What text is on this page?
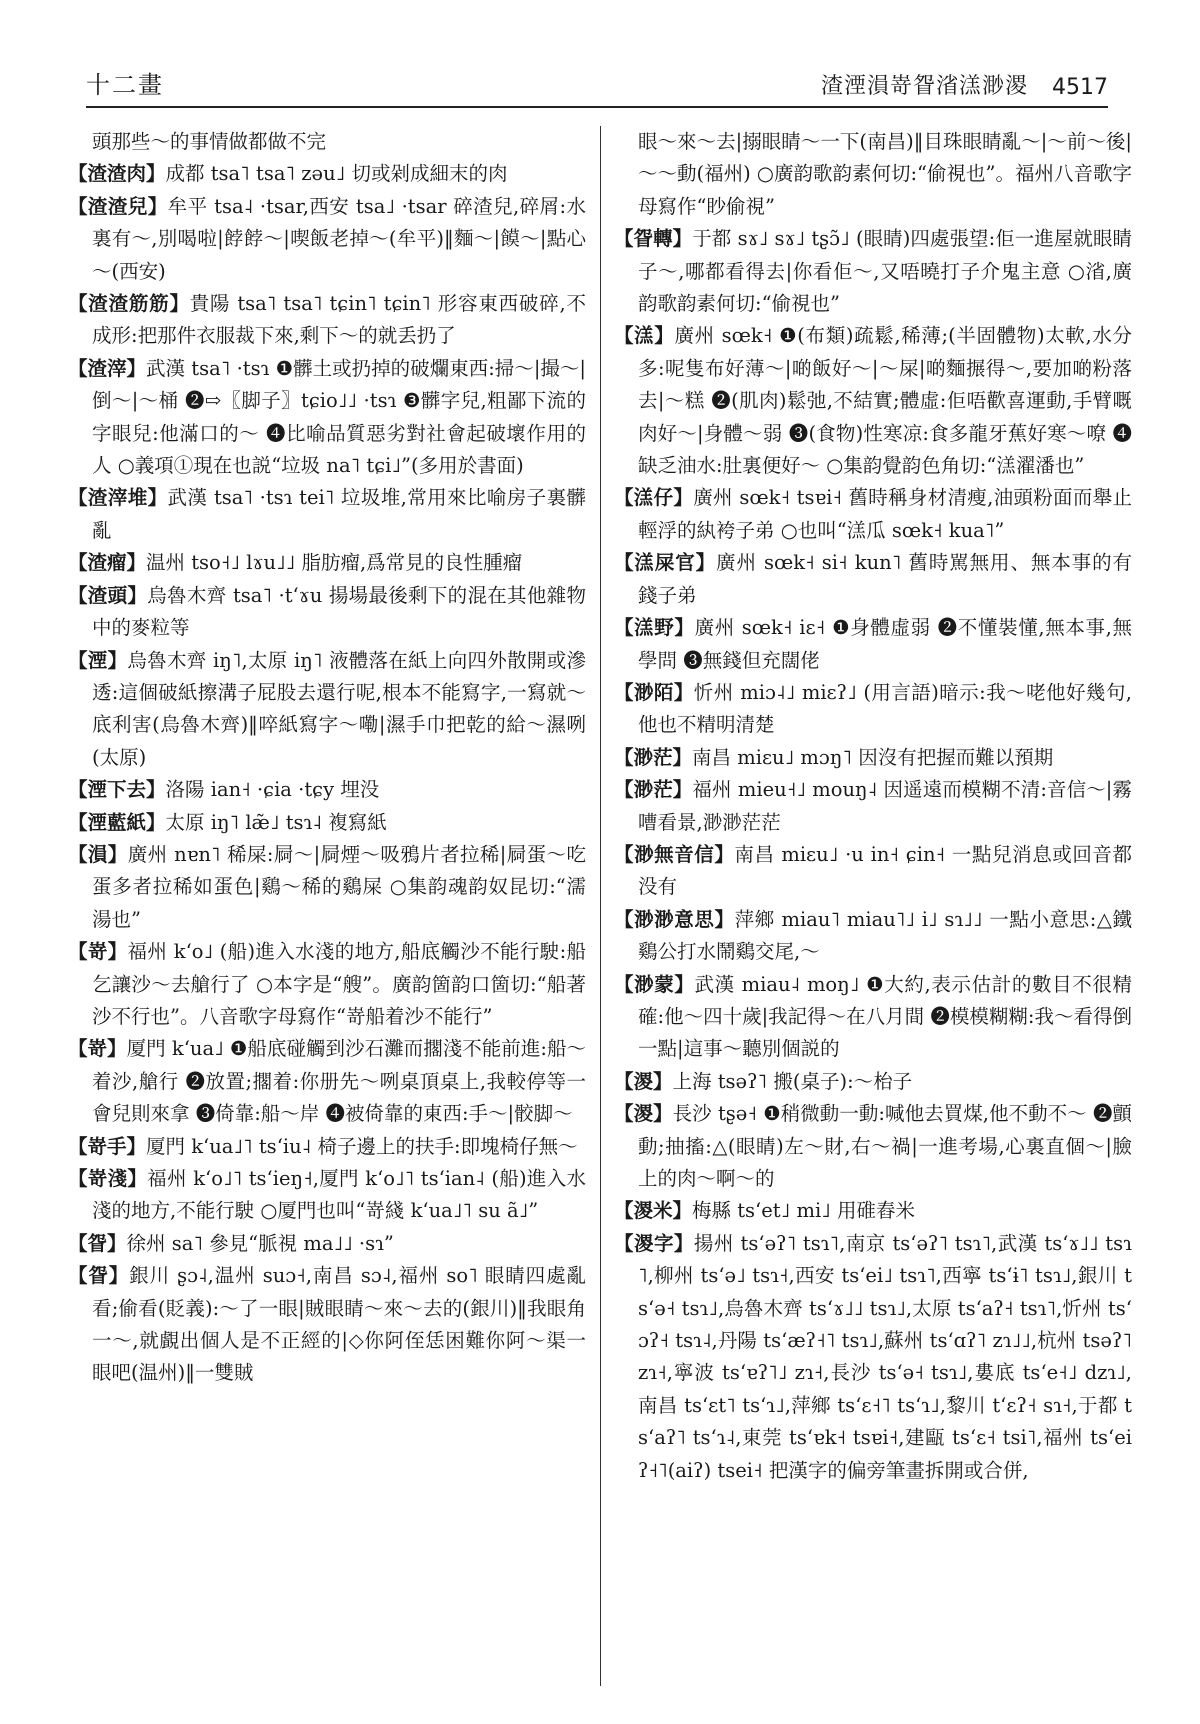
十二畫	渣湮溳嵜眢渻溔渺溭 4517

頭那些～的事情做都做不完

【渣渣肉】成都 tsa˥ tsa˥ zəu˩ 切或剁成細末的肉

【渣渣兒】牟平 tsa˨ ·tsar,西安 tsa˩ ·tsar 碎渣兒,碎屑:水裏有～,別喝啦|餑餑～|喫飯老掉～(牟平)‖麵～|饃～|點心～(西安)

【渣渣筋筋】貴陽 tsa˥ tsa˥ tɕin˥ tɕin˥ 形容東西破碎,不成形:把那件衣服裁下來,剩下～的就丢扔了

【渣滓】武漢 tsa˥ ·tsɿ ❶髒土或扔掉的破爛東西:掃～|撮～|倒～|～桶 ❷⇨〖脚子〗tɕio˩˩ ·tsɿ ❸髒字兒,粗鄙下流的字眼兒:他滿口的～ ❹比喻品質惡劣對社會起破壞作用的人 ○義項①現在也説“垃圾 na˥ tɕi˩”(多用於書面)

【渣滓堆】武漢 tsa˥ ·tsɿ tei˥ 垃圾堆,常用來比喻房子裏髒亂

【渣瘤】温州 tso˧˩ lɤu˩˩ 脂肪瘤,爲常見的良性腫瘤

【渣頭】烏魯木齊 tsa˥ ·tʻɤu 揚場最後剩下的混在其他雜物中的麥粒等

【湮】烏魯木齊 iŋ˥,太原 iŋ˥ 液體落在紙上向四外散開或滲透:這個破紙擦溝子屁股去還行呢,根本不能寫字,一寫就～底利害(烏魯木齊)‖啐紙寫字～嘞|濕手巾把乾的給～濕咧(太原)

【湮下去】洛陽 ian˧ ·ɕia ·tɕy 埋没

【湮藍紙】太原 iŋ˥ læ̃˩ tsɿ˨ 複寫紙

【溳】廣州 nɐn˥ 稀屎:屙～|屙煙～吸鴉片者拉稀|屙蛋～吃蛋多者拉稀如蛋色|鷄～稀的鷄屎 ○集韵魂韵奴昆切:“濡湯也”

【嵜】福州 kʻo˩ (船)進入水淺的地方,船底觸沙不能行駛:船乞讓沙～去艙行了 ○本字是“艘”。廣韵箇韵口箇切:“船著沙不行也”。八音歌字母寫作“嵜船着沙不能行”

【嵜】厦門 kʻua˩ ❶船底碰觸到沙石灘而擱淺不能前進:船～着沙,艙行 ❷放置;擱着:你册先～咧桌頂桌上,我較停等一會兒則來拿 ❸倚靠:船～岸 ❹被倚靠的東西:手～|骹脚～

【嵜手】厦門 kʻua˩˥ tsʻiu˨ 椅子邊上的扶手:即塊椅仔無～

【嵜淺】福州 kʻo˩˥ tsʻieŋ˧,厦門 kʻo˩˥ tsʻian˨ (船)進入水淺的地方,不能行駛 ○厦門也叫“嵜綫 kʻua˩˥ su ã˩”

【眢】徐州 sa˥ 參見“脈視 ma˩˩ ·sɿ”

【眢】銀川 ʂɔ˨,温州 suɔ˧,南昌 sɔ˨,福州 so˥ 眼睛四處亂看;偷看(貶義):～了一眼|賊眼睛～來～去的(銀川)‖我眼角一～,就覰出個人是不正經的|◇你阿侄恁困難你阿～渠一眼吧(温州)‖一雙賊

眼～來～去|搦眼睛～一下(南昌)‖目珠眼睛亂～|～前～後|～～動(福州) ○廣韵歌韵素何切:“偷視也”。福州八音歌字母寫作“眇偷視”

【眢轉】于都 sɤ˩ sɤ˩ tʂɔ̃˩ (眼睛)四處張望:佢一進屋就眼睛子～,哪都看得去|你看佢～,又唔曉打子介鬼主意 ○渻,廣韵歌韵素何切:“偷視也”

【溔】廣州 sœk˧ ❶(布類)疏鬆,稀薄;(半固體物)太軟,水分多:呢隻布好薄～|啲飯好～|～屎|啲麵搌得～,要加啲粉落去|～糕 ❷(肌肉)鬆弛,不結實;體虛:佢唔歡喜運動,手臂嘅肉好～|身體～弱 ❸(食物)性寒凉:食多龍牙蕉好寒～嘹 ❹缺乏油水:肚裏便好～ ○集韵覺韵色角切:“溔濯潘也”

【溔仔】廣州 sœk˧ tsɐi˧ 舊時稱身材清瘦,油頭粉面而舉止輕浮的紈袴子弟 ○也叫“溔瓜 sœk˧ kua˥”

【溔屎官】廣州 sœk˧ si˧ kun˥ 舊時駡無用、無本事的有錢子弟

【溔野】廣州 sœk˧ iɛ˧ ❶身體虛弱 ❷不懂裝懂,無本事,無學問 ❸無錢但充闊佬

【渺陌】忻州 miɔ˨˩ miɛʔ˩ (用言語)暗示:我～咾他好幾句,他也不精明清楚

【渺茫】南昌 miɛu˩ mɔŋ˥ 因沒有把握而難以預期

【渺茫】福州 mieu˧˩ mouŋ˨ 因遥遠而模糊不清:音信～|霧嘈看景,渺渺茫茫

【渺無音信】南昌 miɛu˩ ·u in˧ ɕin˧ 一點兒消息或回音都没有

【渺渺意思】萍鄉 miau˥ miau˥˩ i˩ sɿ˩˩ 一點小意思:△鐵鷄公打水鬧鷄交尾,～

【渺蒙】武漢 miau˨ moŋ˩ ❶大約,表示估計的數目不很精確:他～四十歲|我記得～在八月間 ❷模模糊糊:我～看得倒一點|這事～聽別個説的

【溭】上海 tsəʔ˥ 搬(桌子):～枱子

【溭】長沙 tʂə˧ ❶稍微動一動:喊他去買煤,他不動不～ ❷顫動;抽搐:△(眼睛)左～財,右～禍|一進考場,心裏直個～|臉上的肉～啊～的

【溭米】梅縣 tsʻet˩ mi˩ 用碓舂米

【溭字】揚州 tsʻəʔ˥ tsɿ˥,南京 tsʻəʔ˥ tsɿ˥,武漢 tsʻɤ˩˩ tsɿ˥,柳州 tsʻə˩ tsɿ˧,西安 tsʻei˩ tsɿ˥,西寧 tsʻɨ˥ tsɿ˩,銀川 tsʻə˧ tsɿ˩,烏魯木齊 tsʻɤ˩˩ tsɿ˩,太原 tsʻaʔ˧ tsɿ˥,忻州 tsʻɔʔ˧ tsɿ˨,丹陽 tsʻæʔ˧˥ tsɿ˩,蘇州 tsʻɑʔ˥ zɿ˩˩,杭州 tsəʔ˥ zɿ˧,寧波 tsʻɐʔ˥˩ zɿ˧,長沙 tsʻə˧ tsɿ˩,婁底 tsʻe˧˩ dzɿ˩,南昌 tsʻɛt˥ tsʻɿ˩,萍鄉 tsʻɛ˧˥ tsʻɿ˩,黎川 tʻɛʔ˧ sɿ˧,于都 tsʻaʔ˥ tsʻɿ˨,東莞 tsʻɐk˧ tsɐi˧,建甌 tsʻɛ˧ tsi˥,福州 tsʻeiʔ˧˥(aiʔ) tsei˧ 把漢字的偏旁筆畫拆開或合併,
